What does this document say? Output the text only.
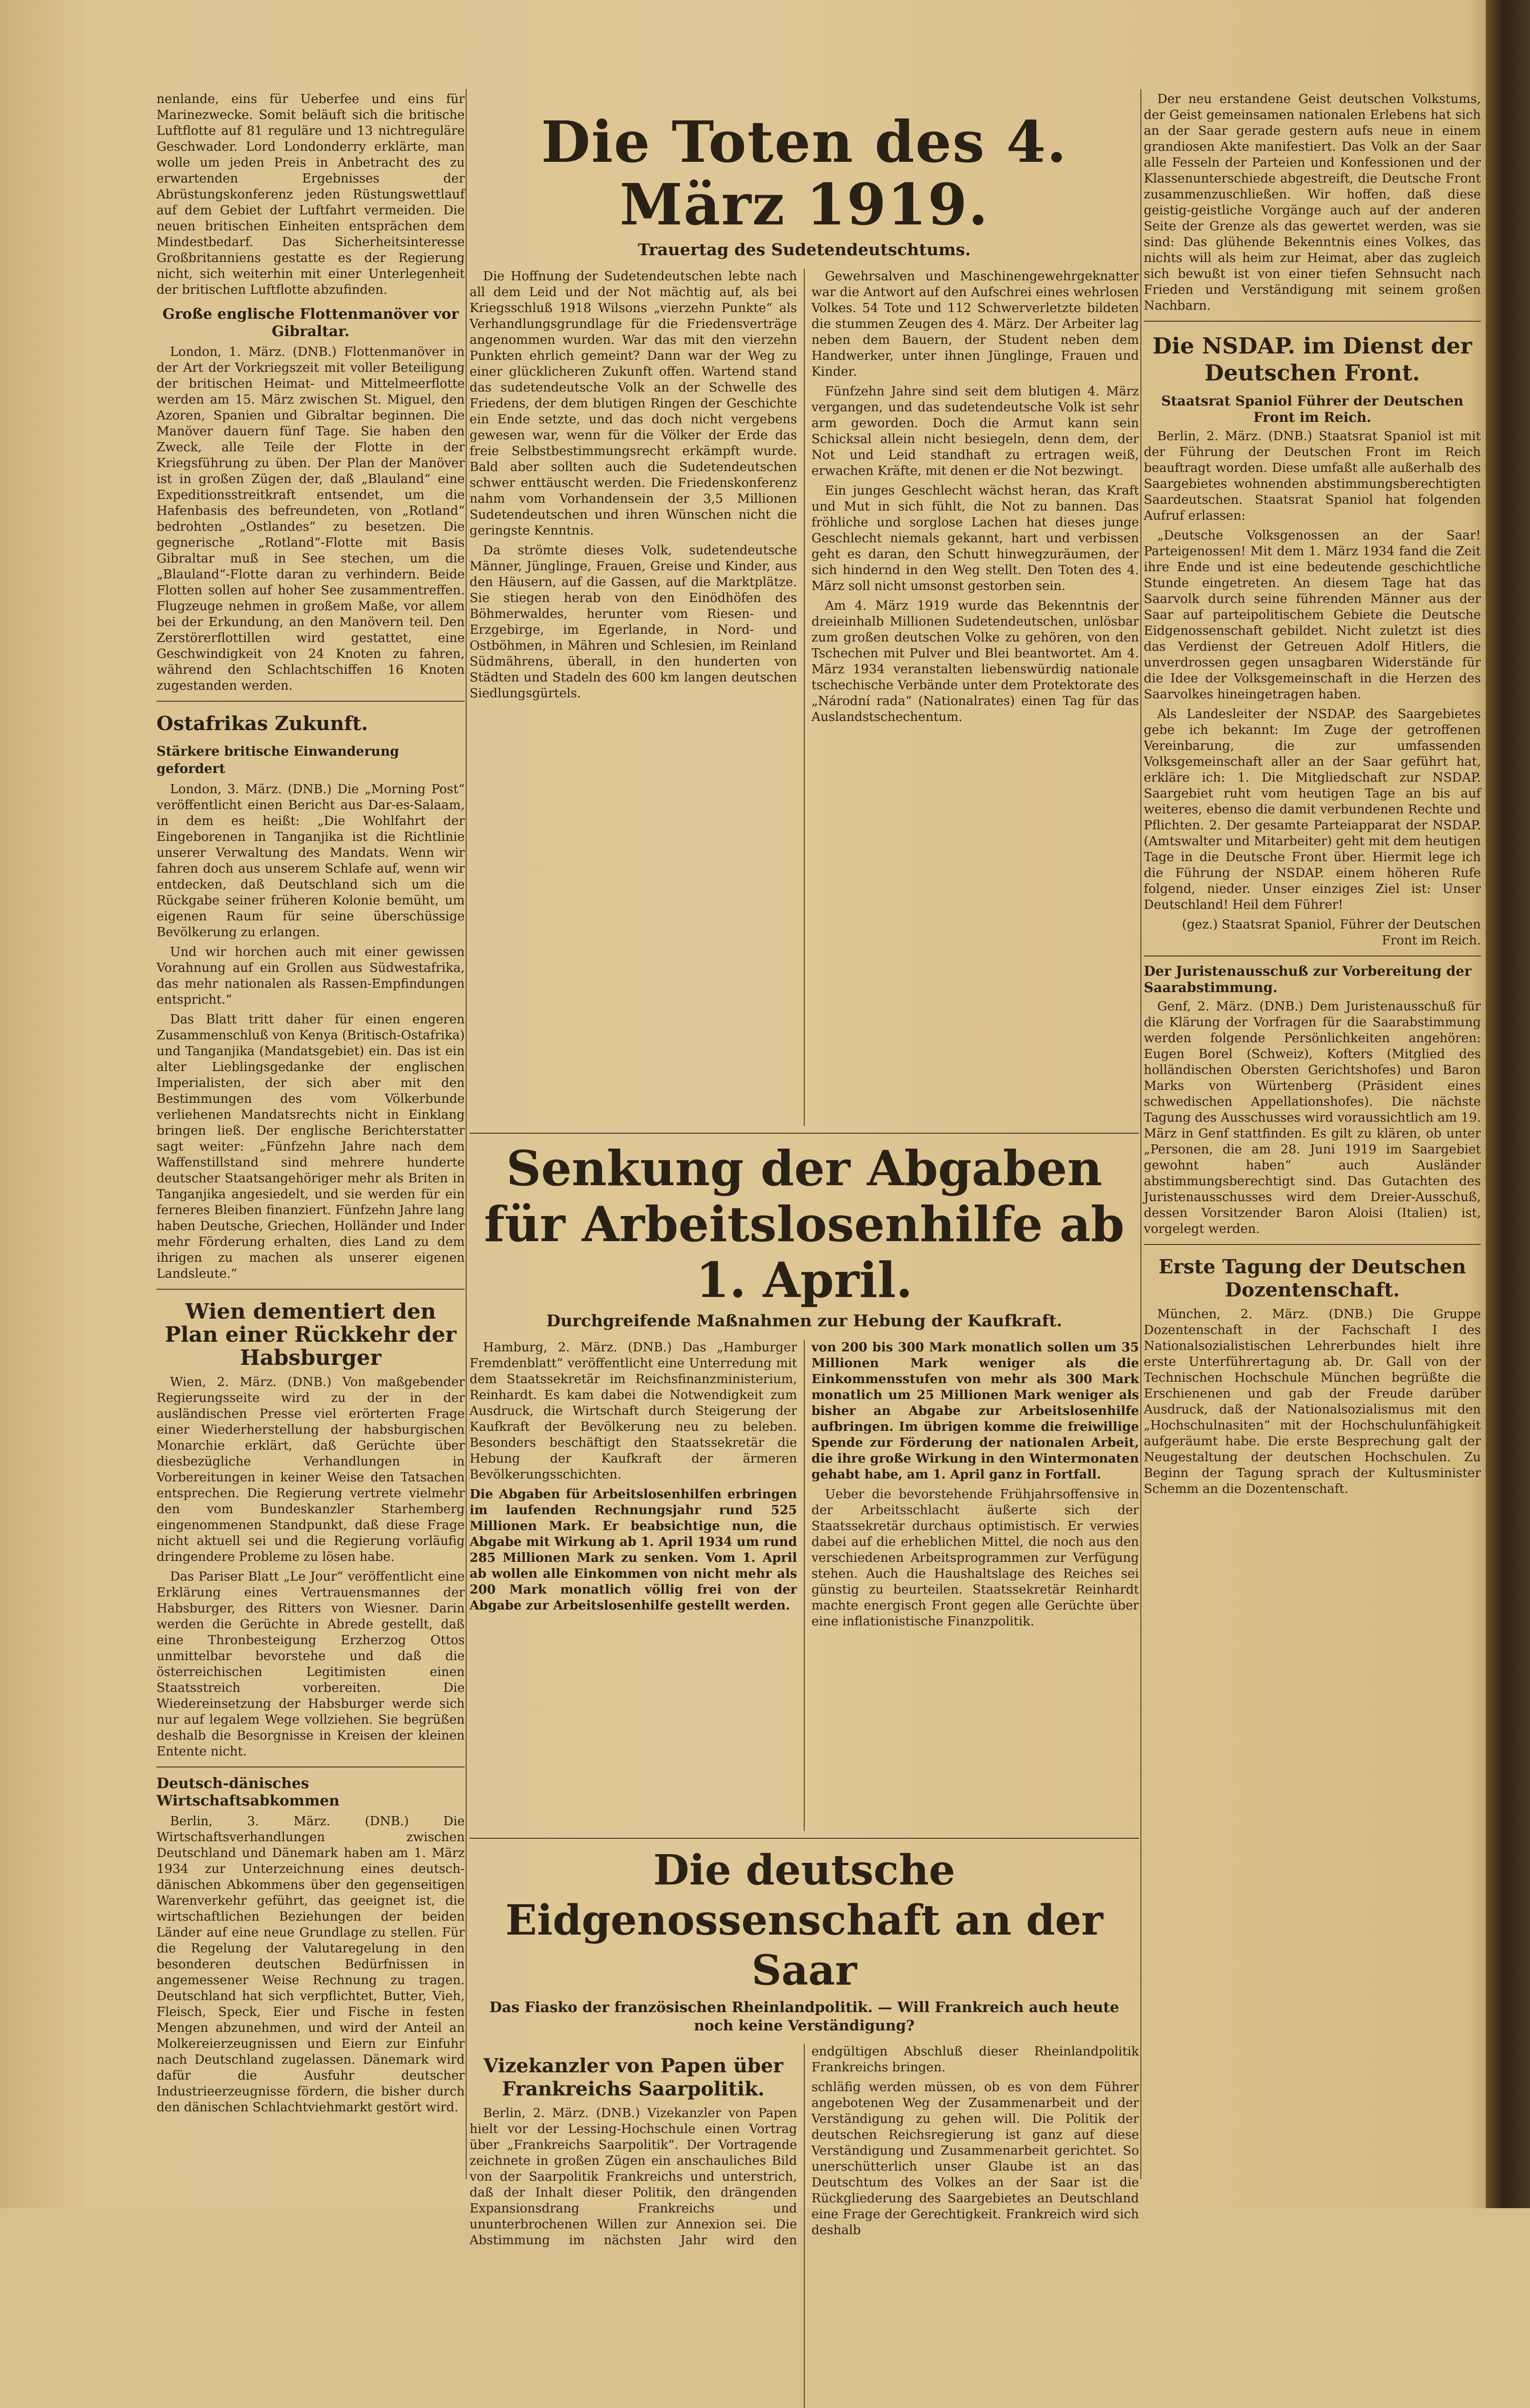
nenlande, eins für Ueberfee und eins für Marinezwecke. Somit beläuft sich die britische Luftflotte auf 81 reguläre und 13 nichtreguläre Geschwader. Lord Londonderry erklärte, man wolle um jeden Preis in Anbetracht des zu erwartenden Ergebnisses der Abrüstungskonferenz jeden Rüstungswettlauf auf dem Gebiet der Luftfahrt vermeiden. Die neuen britischen Einheiten entsprächen dem Mindestbedarf. Das Sicherheitsinteresse Großbritanniens gestatte es der Regierung nicht, sich weiterhin mit einer Unterlegenheit der britischen Luftflotte abzufinden.

Große englische Flottenmanöver vor Gibraltar.

London, 1. März. (DNB.) Flottenmanöver in der Art der Vorkriegszeit mit voller Beteiligung der britischen Heimat- und Mittelmeerflotte werden am 15. März zwischen St. Miguel, den Azoren, Spanien und Gibraltar beginnen. Die Manöver dauern fünf Tage. Sie haben den Zweck, alle Teile der Flotte in der Kriegsführung zu üben. Der Plan der Manöver ist in großen Zügen der, daß „Blauland“ eine Expeditionsstreitkraft entsendet, um die Hafenbasis des befreundeten, von „Rotland“ bedrohten „Ostlandes“ zu besetzen. Die gegnerische „Rotland“-Flotte mit Basis Gibraltar muß in See stechen, um die „Blauland“-Flotte daran zu verhindern. Beide Flotten sollen auf hoher See zusammentreffen. Flugzeuge nehmen in großem Maße, vor allem bei der Erkundung, an den Manövern teil. Den Zerstörerflottillen wird gestattet, eine Geschwindigkeit von 24 Knoten zu fahren, während den Schlachtschiffen 16 Knoten zugestanden werden.

Ostafrikas Zukunft.
Stärkere britische Einwanderung gefordert

London, 3. März. (DNB.) Die „Morning Post“ veröffentlicht einen Bericht aus Dar-es-Salaam, in dem es heißt: „Die Wohlfahrt der Eingeborenen in Tanganjika ist die Richtlinie unserer Verwaltung des Mandats. Wenn wir fahren doch aus unserem Schlafe auf, wenn wir entdecken, daß Deutschland sich um die Rückgabe seiner früheren Kolonie bemüht, um eigenen Raum für seine überschüssige Bevölkerung zu erlangen.

Und wir horchen auch mit einer gewissen Vorahnung auf ein Grollen aus Südwestafrika, das mehr nationalen als Rassen-Empfindungen entspricht.“

Das Blatt tritt daher für einen engeren Zusammenschluß von Kenya (Britisch-Ostafrika) und Tanganjika (Mandatsgebiet) ein. Das ist ein alter Lieblingsgedanke der englischen Imperialisten, der sich aber mit den Bestimmungen des vom Völkerbunde verliehenen Mandatsrechts nicht in Einklang bringen ließ. Der englische Berichterstatter sagt weiter: „Fünfzehn Jahre nach dem Waffenstillstand sind mehrere hunderte deutscher Staatsangehöriger mehr als Briten in Tanganjika angesiedelt, und sie werden für ein ferneres Bleiben finanziert. Fünfzehn Jahre lang haben Deutsche, Griechen, Holländer und Inder mehr Förderung erhalten, dies Land zu dem ihrigen zu machen als unserer eigenen Landsleute.“

Wien dementiert den Plan einer Rückkehr der Habsburger

Wien, 2. März. (DNB.) Von maßgebender Regierungsseite wird zu der in der ausländischen Presse viel erörterten Frage einer Wiederherstellung der habsburgischen Monarchie erklärt, daß Gerüchte über diesbezügliche Verhandlungen in Vorbereitungen in keiner Weise den Tatsachen entsprechen. Die Regierung vertrete vielmehr den vom Bundeskanzler Starhemberg eingenommenen Standpunkt, daß diese Frage nicht aktuell sei und die Regierung vorläufig dringendere Probleme zu lösen habe.

Das Pariser Blatt „Le Jour“ veröffentlicht eine Erklärung eines Vertrauensmannes der Habsburger, des Ritters von Wiesner. Darin werden die Gerüchte in Abrede gestellt, daß eine Thronbesteigung Erzherzog Ottos unmittelbar bevorstehe und daß die österreichischen Legitimisten einen Staatsstreich vorbereiten. Die Wiedereinsetzung der Habsburger werde sich nur auf legalem Wege vollziehen. Sie begrüßen deshalb die Besorgnisse in Kreisen der kleinen Entente nicht.

Deutsch-dänisches Wirtschaftsabkommen

Berlin, 3. März. (DNB.) Die Wirtschaftsverhandlungen zwischen Deutschland und Dänemark haben am 1. März 1934 zur Unterzeichnung eines deutsch-dänischen Abkommens über den gegenseitigen Warenverkehr geführt, das geeignet ist, die wirtschaftlichen Beziehungen der beiden Länder auf eine neue Grundlage zu stellen. Für die Regelung der Valutaregelung in den besonderen deutschen Bedürfnissen in angemessener Weise Rechnung zu tragen. Deutschland hat sich verpflichtet, Butter, Vieh, Fleisch, Speck, Eier und Fische in festen Mengen abzunehmen, und wird der Anteil an Molkereierzeugnissen und Eiern zur Einfuhr nach Deutschland zugelassen. Dänemark wird dafür die Ausfuhr deutscher Industrieerzeugnisse fördern, die bisher durch den dänischen Schlachtviehmarkt gestört wird.

Die Toten des 4. März 1919.
Trauertag des Sudetendeutschtums.

Die Hoffnung der Sudetendeutschen lebte nach all dem Leid und der Not mächtig auf, als bei Kriegsschluß 1918 Wilsons „vierzehn Punkte“ als Verhandlungsgrundlage für die Friedensverträge angenommen wurden. War das mit den vierzehn Punkten ehrlich gemeint? Dann war der Weg zu einer glücklicheren Zukunft offen. Wartend stand das sudetendeutsche Volk an der Schwelle des Friedens, der dem blutigen Ringen der Geschichte ein Ende setzte, und das doch nicht vergebens gewesen war, wenn für die Völker der Erde das freie Selbstbestimmungsrecht erkämpft wurde. Bald aber sollten auch die Sudetendeutschen schwer enttäuscht werden. Die Friedenskonferenz nahm vom Vorhandensein der 3,5 Millionen Sudetendeutschen und ihren Wünschen nicht die geringste Kenntnis.

Da strömte dieses Volk, sudetendeutsche Männer, Jünglinge, Frauen, Greise und Kinder, aus den Häusern, auf die Gassen, auf die Marktplätze. Sie stiegen herab von den Einödhöfen des Böhmerwaldes, herunter vom Riesen- und Erzgebirge, im Egerlande, in Nord- und Ostböhmen, in Mähren und Schlesien, im Reinland Südmährens, überall, in den hunderten von Städten und Stadeln des 600 km langen deutschen Siedlungsgürtels.

Gewehrsalven und Maschinengewehrgeknatter war die Antwort auf den Aufschrei eines wehrlosen Volkes. 54 Tote und 112 Schwerverletzte bildeten die stummen Zeugen des 4. März. Der Arbeiter lag neben dem Bauern, der Student neben dem Handwerker, unter ihnen Jünglinge, Frauen und Kinder.

Fünfzehn Jahre sind seit dem blutigen 4. März vergangen, und das sudetendeutsche Volk ist sehr arm geworden. Doch die Armut kann sein Schicksal allein nicht besiegeln, denn dem, der Not und Leid standhaft zu ertragen weiß, erwachen Kräfte, mit denen er die Not bezwingt.

Ein junges Geschlecht wächst heran, das Kraft und Mut in sich fühlt, die Not zu bannen. Das fröhliche und sorglose Lachen hat dieses junge Geschlecht niemals gekannt, hart und verbissen geht es daran, den Schutt hinwegzuräumen, der sich hindernd in den Weg stellt. Den Toten des 4. März soll nicht umsonst gestorben sein.

Am 4. März 1919 wurde das Bekenntnis der dreieinhalb Millionen Sudetendeutschen, unlösbar zum großen deutschen Volke zu gehören, von den Tschechen mit Pulver und Blei beantwortet. Am 4. März 1934 veranstalten liebenswürdig nationale tschechische Verbände unter dem Protektorate des „Národní rada“ (Nationalrates) einen Tag für das Auslandstschechentum.

Senkung der Abgaben
für Arbeitslosenhilfe ab 1. April.
Durchgreifende Maßnahmen zur Hebung der Kaufkraft.

Hamburg, 2. März. (DNB.) Das „Hamburger Fremdenblatt“ veröffentlicht eine Unterredung mit dem Staatssekretär im Reichsfinanzministerium, Reinhardt. Es kam dabei die Notwendigkeit zum Ausdruck, die Wirtschaft durch Steigerung der Kaufkraft der Bevölkerung neu zu beleben. Besonders beschäftigt den Staatssekretär die Hebung der Kaufkraft der ärmeren Bevölkerungsschichten.

Die Abgaben für Arbeitslosenhilfen erbringen im laufenden Rechnungsjahr rund 525 Millionen Mark. Er beabsichtige nun, die Abgabe mit Wirkung ab 1. April 1934 um rund 285 Millionen Mark zu senken. Vom 1. April ab wollen alle Einkommen von nicht mehr als 200 Mark monatlich völlig frei von der Abgabe zur Arbeitslosenhilfe gestellt werden.

von 200 bis 300 Mark monatlich sollen um 35 Millionen Mark weniger als die Einkommensstufen von mehr als 300 Mark monatlich um 25 Millionen Mark weniger als bisher an Abgabe zur Arbeitslosenhilfe aufbringen. Im übrigen komme die freiwillige Spende zur Förderung der nationalen Arbeit, die ihre große Wirkung in den Wintermonaten gehabt habe, am 1. April ganz in Fortfall.

Ueber die bevorstehende Frühjahrsoffensive in der Arbeitsschlacht äußerte sich der Staatssekretär durchaus optimistisch. Er verwies dabei auf die erheblichen Mittel, die noch aus den verschiedenen Arbeitsprogrammen zur Verfügung stehen. Auch die Haushaltslage des Reiches sei günstig zu beurteilen. Staatssekretär Reinhardt machte energisch Front gegen alle Gerüchte über eine inflationistische Finanzpolitik.

Die deutsche Eidgenossenschaft an der Saar
Das Fiasko der französischen Rheinlandpolitik. — Will Frankreich auch heute noch keine Verständigung?
Vizekanzler von Papen über Frankreichs Saarpolitik.

Berlin, 2. März. (DNB.) Vizekanzler von Papen hielt vor der Lessing-Hochschule einen Vortrag über „Frankreichs Saarpolitik“. Der Vortragende zeichnete in großen Zügen ein anschauliches Bild von der Saarpolitik Frankreichs und unterstrich, daß der Inhalt dieser Politik, den drängenden Expansionsdrang Frankreichs und ununterbrochenen Willen zur Annexion sei. Die Abstimmung im nächsten Jahr wird den endgültigen Abschluß dieser Rheinlandpolitik Frankreichs bringen.

schläfig werden müssen, ob es von dem Führer angebotenen Weg der Zusammenarbeit und der Verständigung zu gehen will. Die Politik der deutschen Reichsregierung ist ganz auf diese Verständigung und Zusammenarbeit gerichtet. So unerschütterlich unser Glaube ist an das Deutschtum des Volkes an der Saar ist die Rückgliederung des Saargebietes an Deutschland eine Frage der Gerechtigkeit. Frankreich wird sich deshalb

Der neu erstandene Geist deutschen Volkstums, der Geist gemeinsamen nationalen Erlebens hat sich an der Saar gerade gestern aufs neue in einem grandiosen Akte manifestiert. Das Volk an der Saar alle Fesseln der Parteien und Konfessionen und der Klassenunterschiede abgestreift, die Deutsche Front zusammenzuschließen. Wir hoffen, daß diese geistig-geistliche Vorgänge auch auf der anderen Seite der Grenze als das gewertet werden, was sie sind: Das glühende Bekenntnis eines Volkes, das nichts will als heim zur Heimat, aber das zugleich sich bewußt ist von einer tiefen Sehnsucht nach Frieden und Verständigung mit seinem großen Nachbarn.

Die NSDAP. im Dienst der Deutschen Front.
Staatsrat Spaniol Führer der Deutschen Front im Reich.

Berlin, 2. März. (DNB.) Staatsrat Spaniol ist mit der Führung der Deutschen Front im Reich beauftragt worden. Diese umfaßt alle außerhalb des Saargebietes wohnenden abstimmungsberechtigten Saardeutschen. Staatsrat Spaniol hat folgenden Aufruf erlassen:

„Deutsche Volksgenossen an der Saar! Parteigenossen! Mit dem 1. März 1934 fand die Zeit ihre Ende und ist eine bedeutende geschichtliche Stunde eingetreten. An diesem Tage hat das Saarvolk durch seine führenden Männer aus der Saar auf parteipolitischem Gebiete die Deutsche Eidgenossenschaft gebildet. Nicht zuletzt ist dies das Verdienst der Getreuen Adolf Hitlers, die unverdrossen gegen unsagbaren Widerstände für die Idee der Volksgemeinschaft in die Herzen des Saarvolkes hineingetragen haben.

Als Landesleiter der NSDAP. des Saargebietes gebe ich bekannt: Im Zuge der getroffenen Vereinbarung, die zur umfassenden Volksgemeinschaft aller an der Saar geführt hat, erkläre ich: 1. Die Mitgliedschaft zur NSDAP. Saargebiet ruht vom heutigen Tage an bis auf weiteres, ebenso die damit verbundenen Rechte und Pflichten. 2. Der gesamte Parteiapparat der NSDAP. (Amtswalter und Mitarbeiter) geht mit dem heutigen Tage in die Deutsche Front über. Hiermit lege ich die Führung der NSDAP. einem höheren Rufe folgend, nieder. Unser einziges Ziel ist: Unser Deutschland! Heil dem Führer!

(gez.) Staatsrat Spaniol, Führer der Deutschen Front im Reich.

Der Juristenausschuß zur Vorbereitung der Saarabstimmung.

Genf, 2. März. (DNB.) Dem Juristenausschuß für die Klärung der Vorfragen für die Saarabstimmung werden folgende Persönlichkeiten angehören: Eugen Borel (Schweiz), Kofters (Mitglied des holländischen Obersten Gerichtshofes) und Baron Marks von Würtenberg (Präsident eines schwedischen Appellationshofes). Die nächste Tagung des Ausschusses wird voraussichtlich am 19. März in Genf stattfinden. Es gilt zu klären, ob unter „Personen, die am 28. Juni 1919 im Saargebiet gewohnt haben“ auch Ausländer abstimmungsberechtigt sind. Das Gutachten des Juristenausschusses wird dem Dreier-Ausschuß, dessen Vorsitzender Baron Aloisi (Italien) ist, vorgelegt werden.

Erste Tagung der Deutschen Dozentenschaft.

München, 2. März. (DNB.) Die Gruppe Dozentenschaft in der Fachschaft I des Nationalsozialistischen Lehrerbundes hielt ihre erste Unterführertagung ab. Dr. Gall von der Technischen Hochschule München begrüßte die Erschienenen und gab der Freude darüber Ausdruck, daß der Nationalsozialismus mit den „Hochschulnasiten“ mit der Hochschulunfähigkeit aufgeräumt habe. Die erste Besprechung galt der Neugestaltung der deutschen Hochschulen. Zu Beginn der Tagung sprach der Kultusminister Schemm an die Dozentenschaft.
